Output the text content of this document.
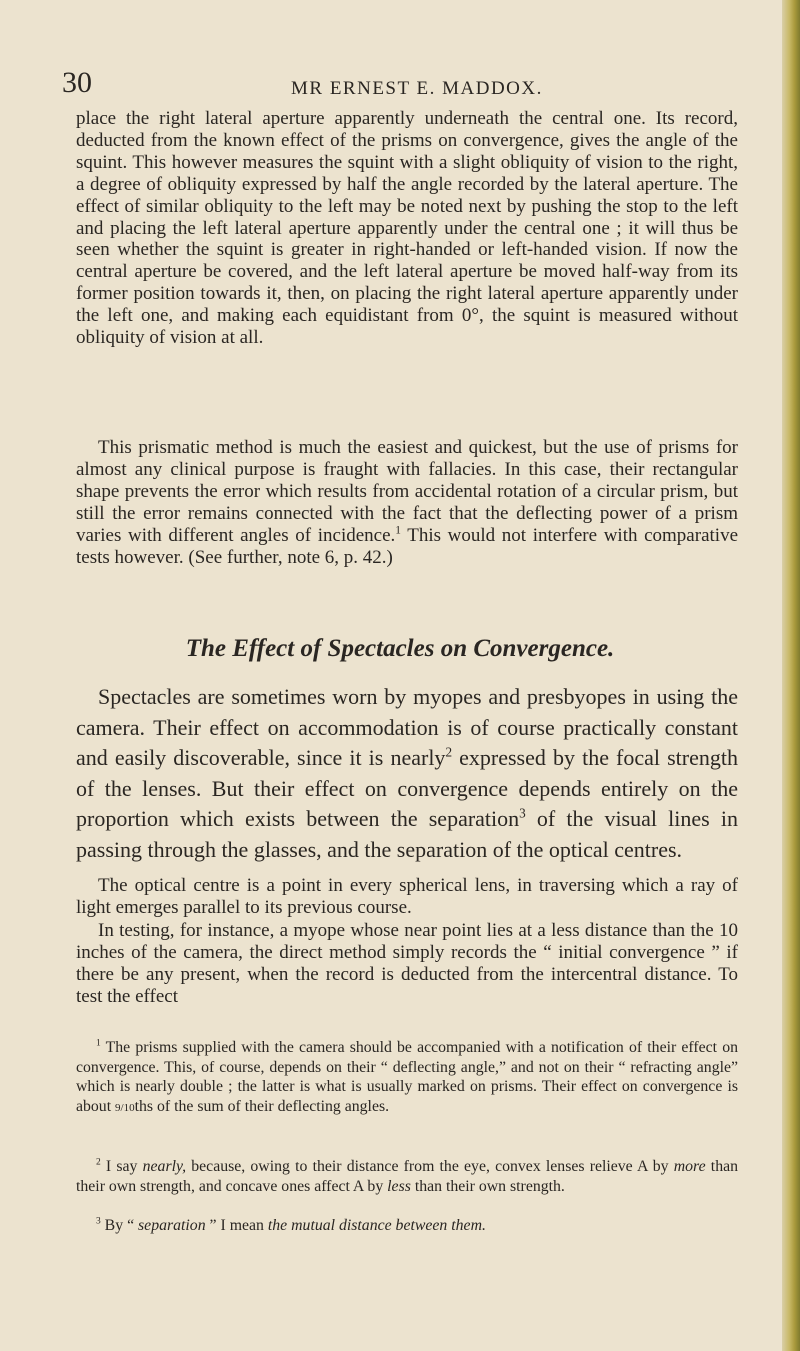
30	MR ERNEST E. MADDOX.

place the right lateral aperture apparently underneath the central one. Its record, deducted from the known effect of the prisms on convergence, gives the angle of the squint. This however measures the squint with a slight obliquity of vision to the right, a degree of obliquity expressed by half the angle recorded by the lateral aperture. The effect of similar obliquity to the left may be noted next by pushing the stop to the left and placing the left lateral aperture apparently under the central one ; it will thus be seen whether the squint is greater in right-handed or left-handed vision. If now the central aperture be covered, and the left lateral aperture be moved half-way from its former position towards it, then, on placing the right lateral aperture apparently under the left one, and making each equidistant from 0°, the squint is measured without obliquity of vision at all.

This prismatic method is much the easiest and quickest, but the use of prisms for almost any clinical purpose is fraught with fallacies. In this case, their rectangular shape prevents the error which results from accidental rotation of a circular prism, but still the error remains connected with the fact that the deflecting power of a prism varies with different angles of incidence.$^1$ This would not interfere with comparative tests however. (See further, note 6, p. 42.)

The Effect of Spectacles on Convergence.

Spectacles are sometimes worn by myopes and presbyopes in using the camera. Their effect on accommodation is of course practically constant and easily discoverable, since it is nearly$^2$ expressed by the focal strength of the lenses. But their effect on convergence depends entirely on the proportion which exists between the separation$^3$ of the visual lines in passing through the glasses, and the separation of the optical centres.

The optical centre is a point in every spherical lens, in traversing which a ray of light emerges parallel to its previous course.

In testing, for instance, a myope whose near point lies at a less distance than the 10 inches of the camera, the direct method simply records the “ initial convergence ” if there be any present, when the record is deducted from the intercentral distance. To test the effect

$^1$ The prisms supplied with the camera should be accompanied with a notification of their effect on convergence. This, of course, depends on their “ deflecting angle,” and not on their “ refracting angle” which is nearly double ; the latter is what is usually marked on prisms. Their effect on convergence is about 9/10ths of the sum of their deflecting angles.

$^2$ I say nearly, because, owing to their distance from the eye, convex lenses relieve A by more than their own strength, and concave ones affect A by less than their own strength.

$^3$ By “ separation ” I mean the mutual distance between them.
